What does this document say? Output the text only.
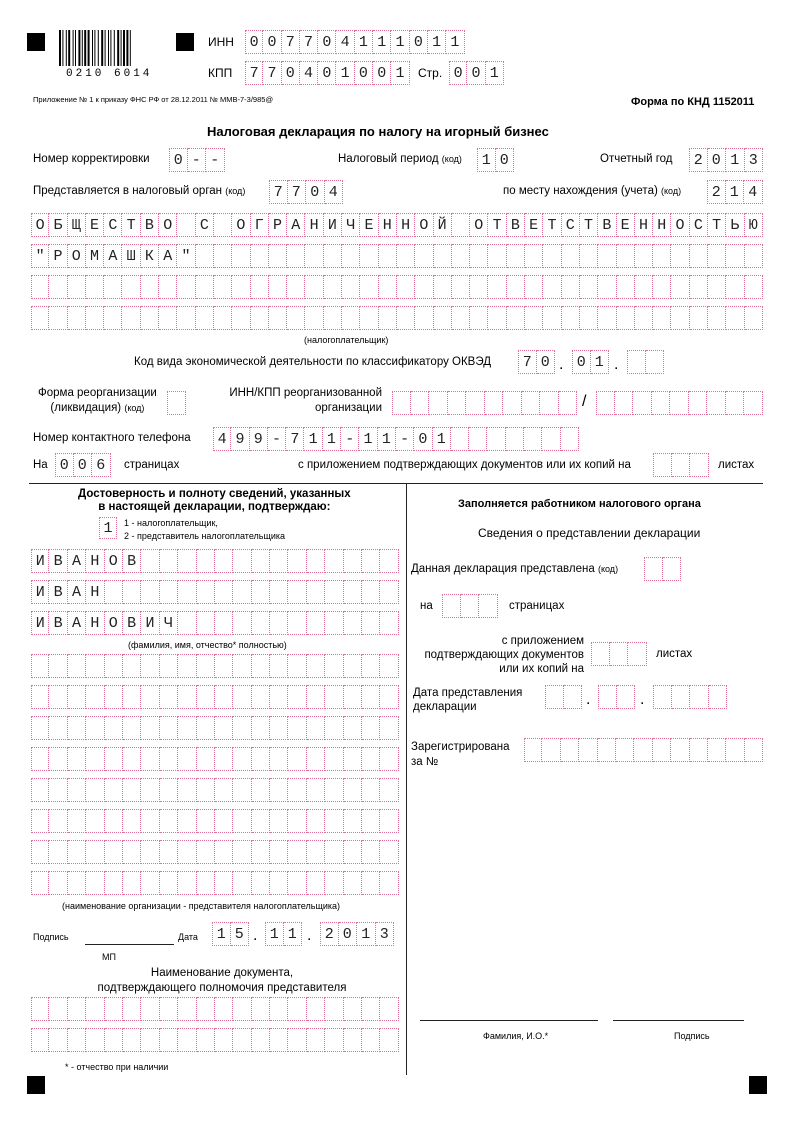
0210 6014
ИНН	0 0 7 7 0 4 1 1 1 0 1 1
КПП	7 7 0 4 0 1 0 0 1	Стр. 0 0 1
Приложение № 1 к приказу ФНС РФ от 28.12.2011 № ММВ-7-3/985@	Форма по КНД 1152011
Налоговая декларация по налогу на игорный бизнес
Номер корректировки	0 - -	Налоговый период (код)	1 0	Отчетный год	2 0 1 3
Представляется в налоговый орган (код)	7 7 0 4	по месту нахождения (учета) (код)	2 1 4
О Б Щ Е С Т В О	С	О Г Р А Н И Ч Е Н Н О Й	О Т В Е Т С Т В Е Н Н О С Т Ь Ю
" Р О М А Ш К А "
(налогоплательщик)
Код вида экономической деятельности по классификатору ОКВЭД	7 0 . 0 1 .
Форма реорганизации
(ликвидация) (код)
ИНН/КПП реорганизованной
организации	/
Номер контактного телефона	4 9 9 - 7 1 1 - 1 1 - 0 1
На 0 0 6	страницах	с приложением подтверждающих документов или их копий на	листах
Достоверность и полноту сведений, указанных
в настоящей декларации, подтверждаю:
1	1 - налогоплательщик,
2 - представитель налогоплательщика
И В А Н О В
И В А Н
И В А Н О В И Ч
(фамилия, имя, отчество* полностью)
(наименование организации - представителя налогоплательщика)
Подпись	Дата	1 5 . 1 1 . 2 0 1 3
МП
Наименование документа,
подтверждающего полномочия представителя
* - отчество при наличии
Заполняется работником налогового органа
Сведения о представлении декларации
Данная декларация представлена (код)
на	страницах
с приложением
подтверждающих документов
или их копий на
листах
Дата представления
декларации	.	.
Зарегистрирована
за №
Фамилия, И.О.*	Подпись
